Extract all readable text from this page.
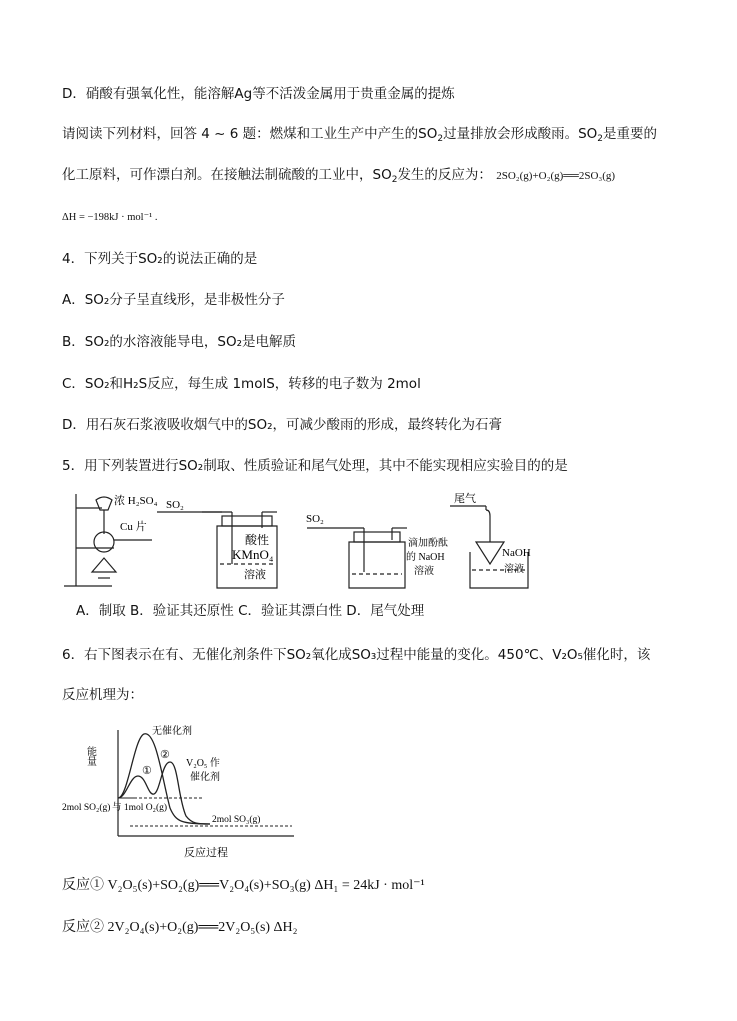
D．硝酸有强氧化性，能溶解Ag等不活泼金属用于贵重金属的提炼
请阅读下列材料，回答 4 ~ 6 题：燃煤和工业生产中产生的$SO_2$过量排放会形成酸雨。$SO_2$是重要的
化工原料，可作漂白剂。在接触法制硫酸的工业中，$SO_2$发生的反应为： 2SO₂(g)+O₂(g)══2SO₃(g)
ΔH = −198kJ · mol⁻¹ .
4．下列关于SO₂的说法正确的是
A．SO₂分子呈直线形，是非极性分子
B．SO₂的水溶液能导电，SO₂是电解质
C．SO₂和H₂S反应，每生成 1molS，转移的电子数为 2mol
D．用石灰石浆液吸收烟气中的SO₂，可减少酸雨的形成，最终转化为石膏
5．用下列装置进行SO₂制取、性质验证和尾气处理，其中不能实现相应实验目的的是
浓 H₂SO₄ SO₂
Cu 片
酸性
KMnO₄
溶液
SO₂
滴加酚酞
的 NaOH
溶液
尾气
NaOH
溶液
A．制取 B．验证其还原性 C．验证其漂白性 D．尾气处理
6．右下图表示在有、无催化剂条件下SO₂氧化成SO₃过程中能量的变化。450℃、V₂O₅催化时，该
反应机理为：
能量
反应过程
无催化剂
①
②
V₂O₅ 作
催化剂
2mol SO₂(g) 与 1mol O₂(g)
2mol SO₃(g)
反应① V₂O₅(s)+SO₂(g)══V₂O₄(s)+SO₃(g) ΔH₁ = 24kJ · mol⁻¹
反应② 2V₂O₄(s)+O₂(g)══2V₂O₅(s) ΔH₂
